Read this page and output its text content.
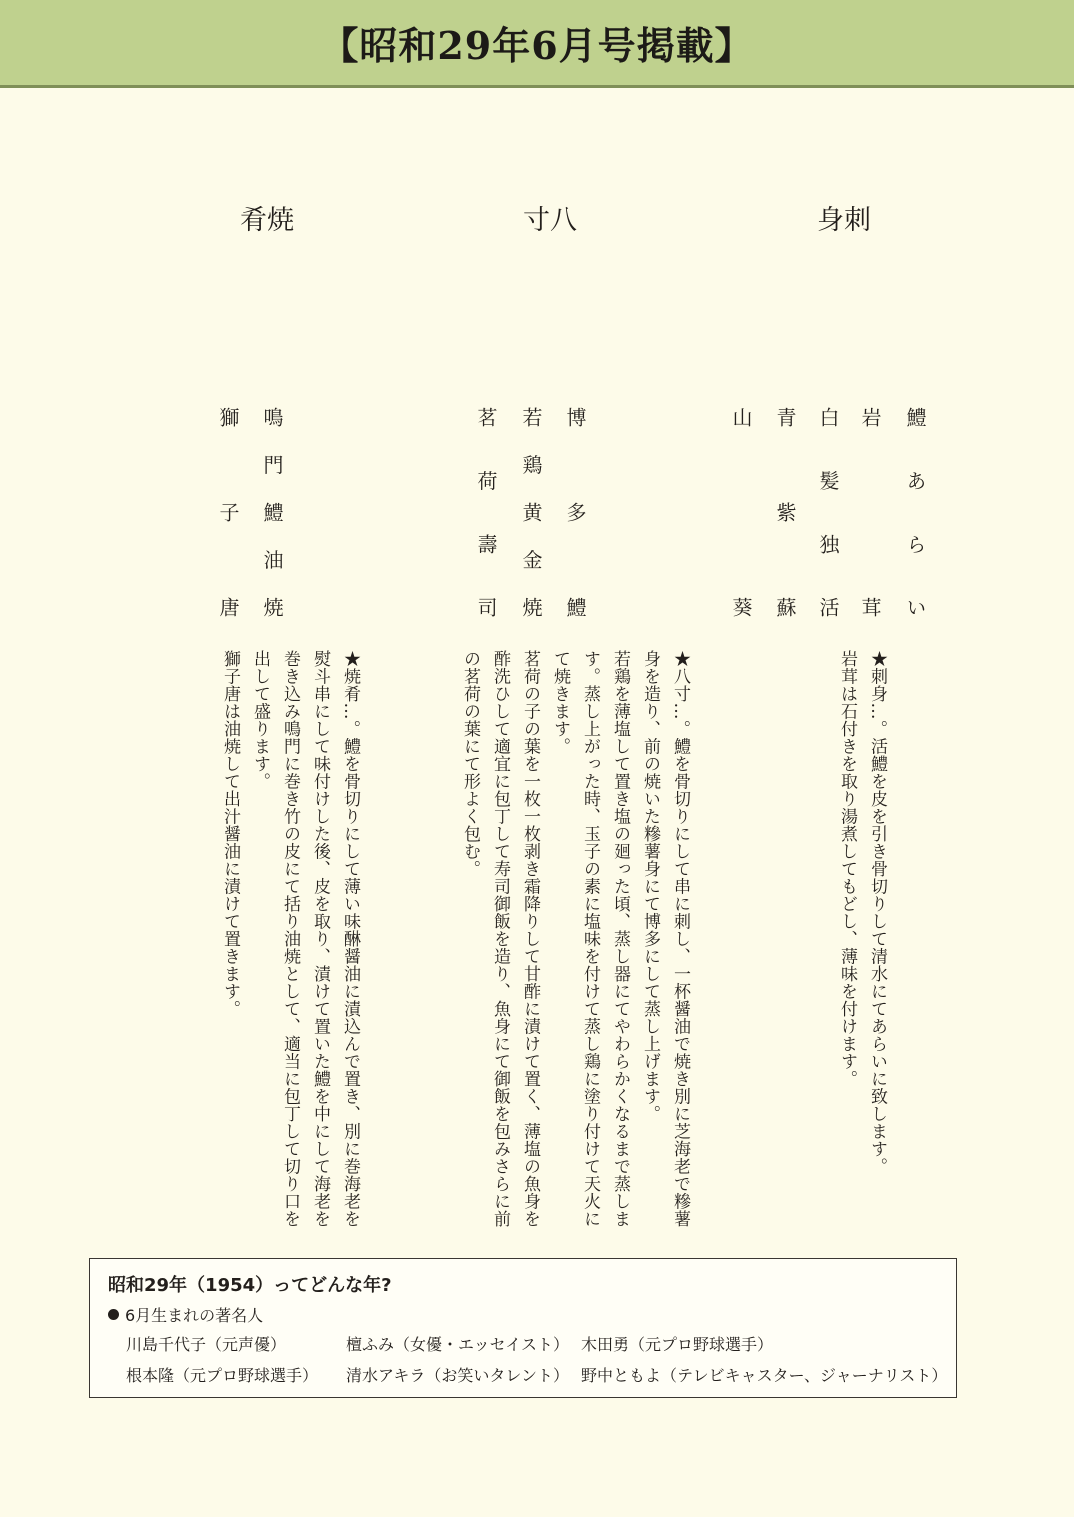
【昭和29年6月号掲載】
刺身
鱧あらい
岩茸
白髪独活
青紫蘇
山葵
八寸
博多鱧
若鶏黄金焼
茗荷壽司
焼肴
鳴門鱧油焼
獅子唐

★刺身…。活鱧を皮を引き骨切りして清水にてあらいに致します。

岩茸は石付きを取り湯煮してもどし、薄味を付けます。

★八寸…。鱧を骨切りにして串に刺し、一杯醤油で焼き別に芝海老で糝薯身を造り、前の焼いた糝薯身にて博多にして蒸し上げます。

若鶏を薄塩して置き塩の廻った頃、蒸し器にてやわらかくなるまで蒸します。蒸し上がった時、玉子の素に塩味を付けて蒸し鶏に塗り付けて天火にて焼きます。

茗荷の子の葉を一枚一枚剥き霜降りして甘酢に漬けて置く、薄塩の魚身を酢洗ひして適宜に包丁して寿司御飯を造り、魚身にて御飯を包みさらに前の茗荷の葉にて形よく包む。

★焼肴…。鱧を骨切りにして薄い味醂醤油に漬込んで置き、別に巻海老を熨斗串にして味付けした後、皮を取り、漬けて置いた鱧を中にして海老を巻き込み鳴門に巻き竹の皮にて括り油焼として、適当に包丁して切り口を出して盛ります。

獅子唐は油焼して出汁醤油に漬けて置きます。

昭和29年（1954）ってどんな年?
6月生まれの著名人
川島千代子（元声優）	檀ふみ（女優・エッセイスト） 木田勇（元プロ野球選手）
根本隆（元プロ野球選手）	清水アキラ（お笑いタレント） 野中ともよ（テレビキャスター、ジャーナリスト）
